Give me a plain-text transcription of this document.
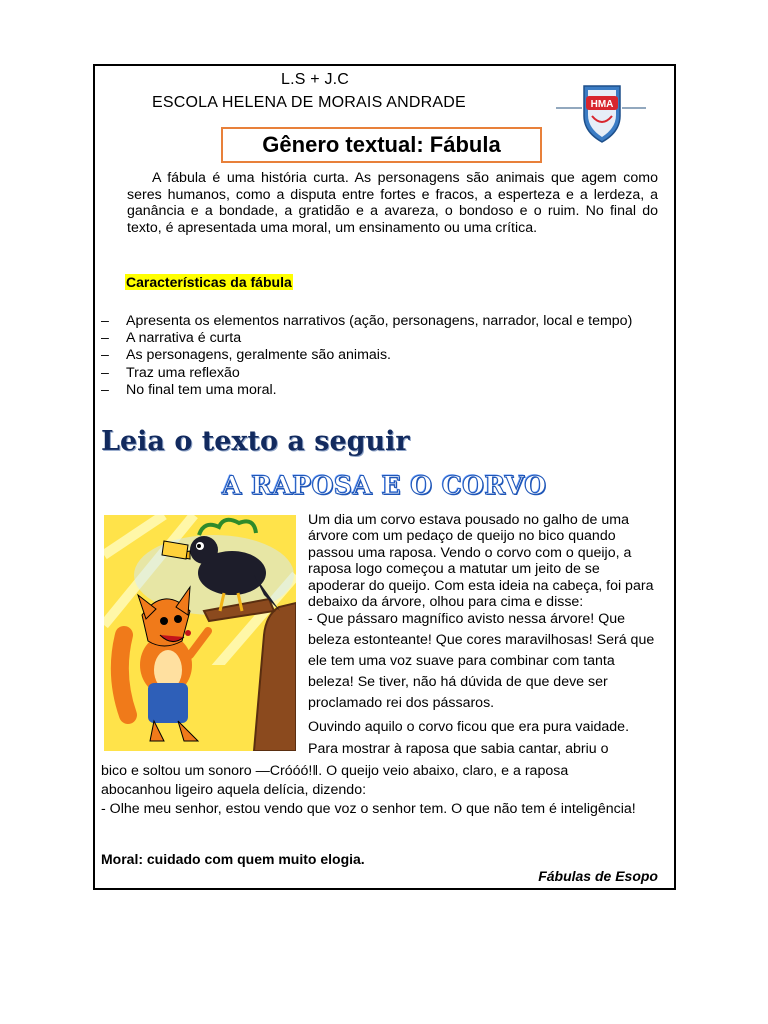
L.S + J.C
ESCOLA HELENA DE MORAIS ANDRADE	HMA
Gênero textual: Fábula
A fábula é uma história curta. As personagens são animais que agem como seres humanos, como a disputa entre fortes e fracos, a esperteza e a lerdeza, a ganância e a bondade, a gratidão e a avareza, o bondoso e o ruim. No final do texto, é apresentada uma moral, um ensinamento ou uma crítica.
Características da fábula
– Apresenta os elementos narrativos (ação, personagens, narrador, local e tempo)
– A narrativa é curta
– As personagens, geralmente são animais.
– Traz uma reflexão
– No final tem uma moral.
Leia o texto a seguir
A RAPOSA E O CORVO
Um dia um corvo estava pousado no galho de uma árvore com um pedaço de queijo no bico quando passou uma raposa. Vendo o corvo com o queijo, a raposa logo começou a matutar um jeito de se apoderar do queijo. Com esta ideia na cabeça, foi para debaixo da árvore, olhou para cima e disse:
- Que pássaro magnífico avisto nessa árvore! Que beleza estonteante! Que cores maravilhosas! Será que ele tem uma voz suave para combinar com tanta beleza! Se tiver, não há dúvida de que deve ser proclamado rei dos pássaros.
Ouvindo aquilo o corvo ficou que era pura vaidade.
Para mostrar à raposa que sabia cantar, abriu o
bico e soltou um sonoro ―Cróóó!‖. O queijo veio abaixo, claro, e a raposa
abocanhou ligeiro aquela delícia, dizendo:
- Olhe meu senhor, estou vendo que voz o senhor tem. O que não tem é inteligência!
Moral: cuidado com quem muito elogia.
Fábulas de Esopo
